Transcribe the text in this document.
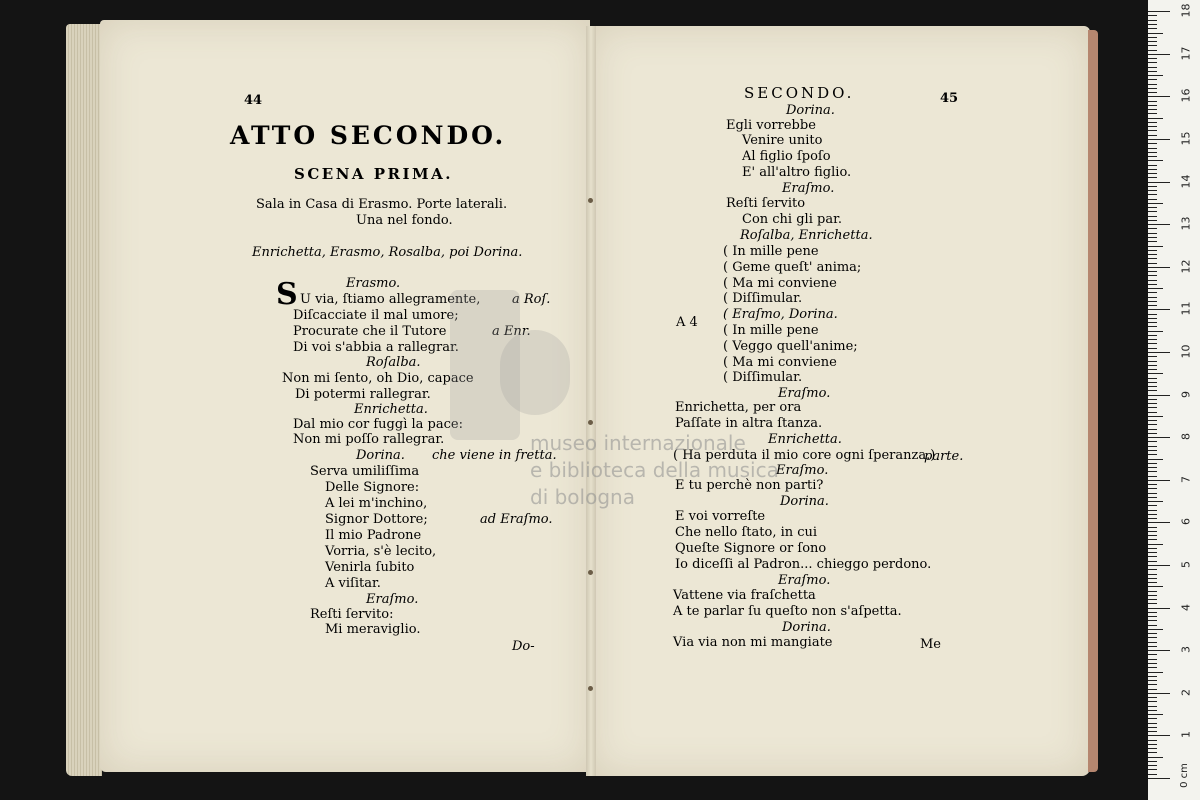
44
ATTO SECONDO.
SCENA PRIMA.
Sala in Casa di Erasmo. Porte laterali.
Una nel fondo.
Enrichetta, Erasmo, Rosalba, poi Dorina.
S	Erasmo.
U via, ſtiamo allegramente, a Roſ.
Diſcacciate il mal umore;
Procurate che il Tutore	a Enr.
Di voi s'abbia a rallegrar.
Roſalba.
Non mi ſento, oh Dio, capace
Di potermi rallegrar.
Enrichetta.
Dal mio cor fuggì la pace:
Non mi poſſo rallegrar.
Dorina. che viene in fretta.
Serva umiliſſima
Delle Signore:
A lei m'inchino,
Signor Dottore;	ad Eraſmo.
Il mio Padrone
Vorria, s'è lecito,
Venirla ſubito
A viſitar.
Eraſmo.
Reſti ſervito:
Mi meraviglio.
Do-
SECONDO.	45
Dorina.
Egli vorrebbe
Venire unito
Al figlio ſpoſo
E' all'altro figlio.
Eraſmo.
Reſti ſervito
Con chi gli par.
Roſalba, Enrichetta.
( In mille pene
( Geme queſt' anima;
( Ma mi conviene
( Diſſimular.
A 4
( Eraſmo, Dorina.
( In mille pene
( Veggo quell'anime;
( Ma mi conviene
( Diſſimular.
Eraſmo.
Enrichetta, per ora
Paſſate in altra ſtanza.
Enrichetta.
( Ha perduta il mio core ogni ſperanza.)
parte.
Eraſmo.
E tu perchè non parti?
Dorina.
E voi vorreſte
Che nello ſtato, in cui
Queſte Signore or ſono
Io diceſſi al Padron... chieggo perdono.
Eraſmo.
Vattene via fraſchetta
A te parlar ſu queſto non s'aſpetta.
Dorina.
Via via non mi mangiate	Me
museo internazionale
e biblioteca della musica
di bologna
0 cm
1
2
3
4
5
6
7
8
9
10
11
12
13
14
15
16
17
18
